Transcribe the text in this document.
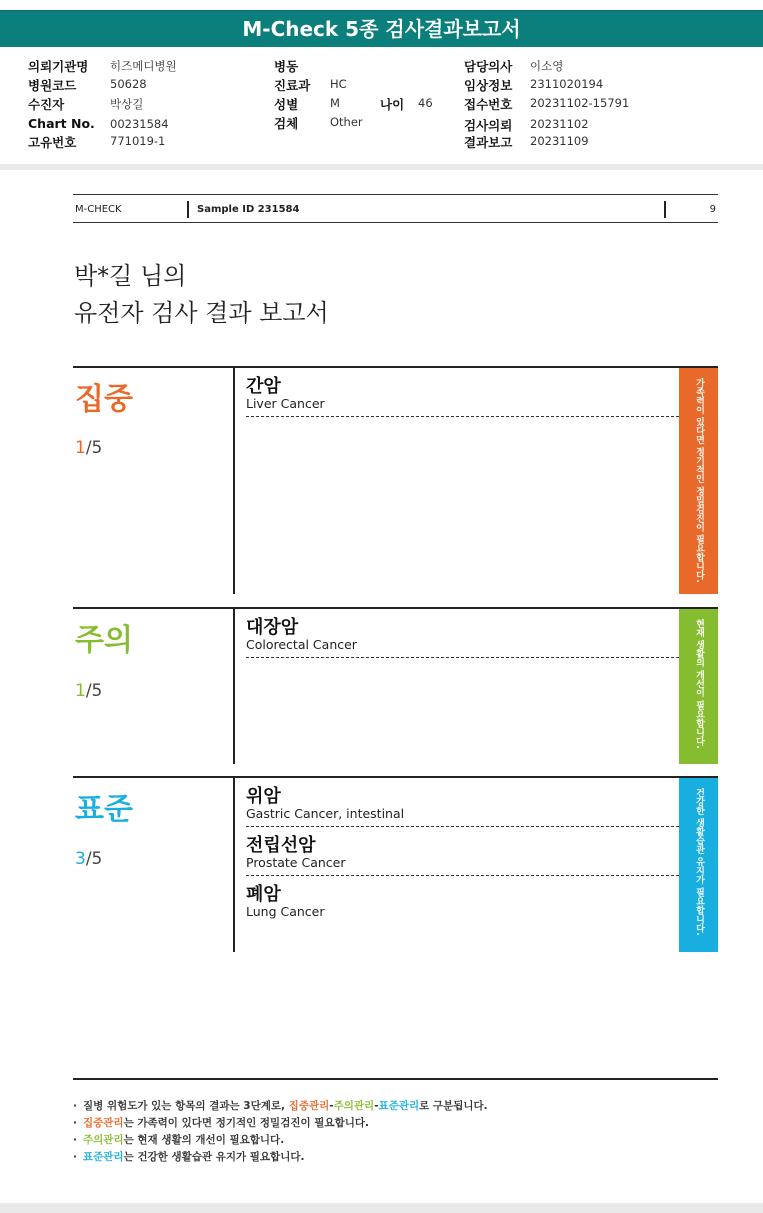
M-Check 5종 검사결과보고서
의뢰기관명 히즈메디병원
병원코드	50628
수진자	박상길
Chart No. 00231584
고유번호	771019-1
병동
진료과 HC
성별	M	나이 46
검체	Other
담당의사 이소영
임상정보 2311020194
접수번호 20231102-15791
검사의뢰 20231102
결과보고 20231109
M-CHECK	Sample ID 231584	9
박*길 님의
유전자 검사 결과 보고서
집중
1/5	가족력이 있다면 정기적인 정밀검진이 필요합니다.
간암
Liver Cancer
주의
1/5	현재 생활의 개선이 필요합니다.
대장암
Colorectal Cancer
표준
3/5	건강한 생활습관 유지가 필요합니다.
위암
Gastric Cancer, intestinal
전립선암
Prostate Cancer
폐암
Lung Cancer
· 질병 위험도가 있는 항목의 결과는 3단계로, 집중관리-주의관리-표준관리로 구분됩니다.
· 집중관리는 가족력이 있다면 정기적인 정밀검진이 필요합니다.
· 주의관리는 현재 생활의 개선이 필요합니다.
· 표준관리는 건강한 생활습관 유지가 필요합니다.
